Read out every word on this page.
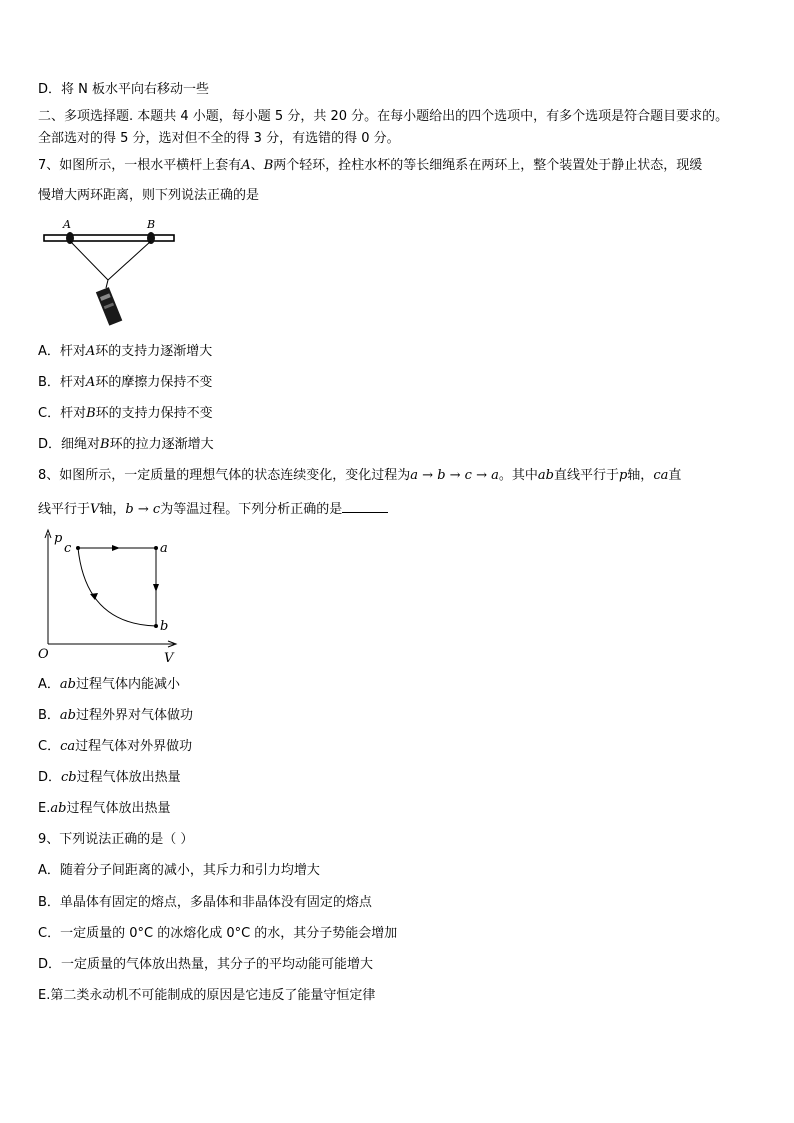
D．将 N 板水平向右移动一些
二、多项选择题. 本题共 4 小题，每小题 5 分，共 20 分。在每小题给出的四个选项中，有多个选项是符合题目要求的。
全部选对的得 5 分，选对但不全的得 3 分，有选错的得 0 分。
7、如图所示，一根水平横杆上套有A、B两个轻环，拴柱水杯的等长细绳系在两环上，整个装置处于静止状态，现缓
慢增大两环距离，则下列说法正确的是
A	B
A．杆对A环的支持力逐渐增大
B．杆对A环的摩擦力保持不变
C．杆对B环的支持力保持不变
D．细绳对B环的拉力逐渐增大
8、如图所示，一定质量的理想气体的状态连续变化，变化过程为a → b → c → a。其中ab直线平行于p轴，ca直
线平行于V轴，b → c为等温过程。下列分析正确的是
p
V
O
c	a
b
A．ab过程气体内能减小
B．ab过程外界对气体做功
C．ca过程气体对外界做功
D．cb过程气体放出热量
E.ab过程气体放出热量
9、下列说法正确的是（ ）
A．随着分子间距离的减小，其斥力和引力均增大
B．单晶体有固定的熔点，多晶体和非晶体没有固定的熔点
C．一定质量的 0°C 的冰熔化成 0°C 的水，其分子势能会增加
D．一定质量的气体放出热量，其分子的平均动能可能增大
E.第二类永动机不可能制成的原因是它违反了能量守恒定律
